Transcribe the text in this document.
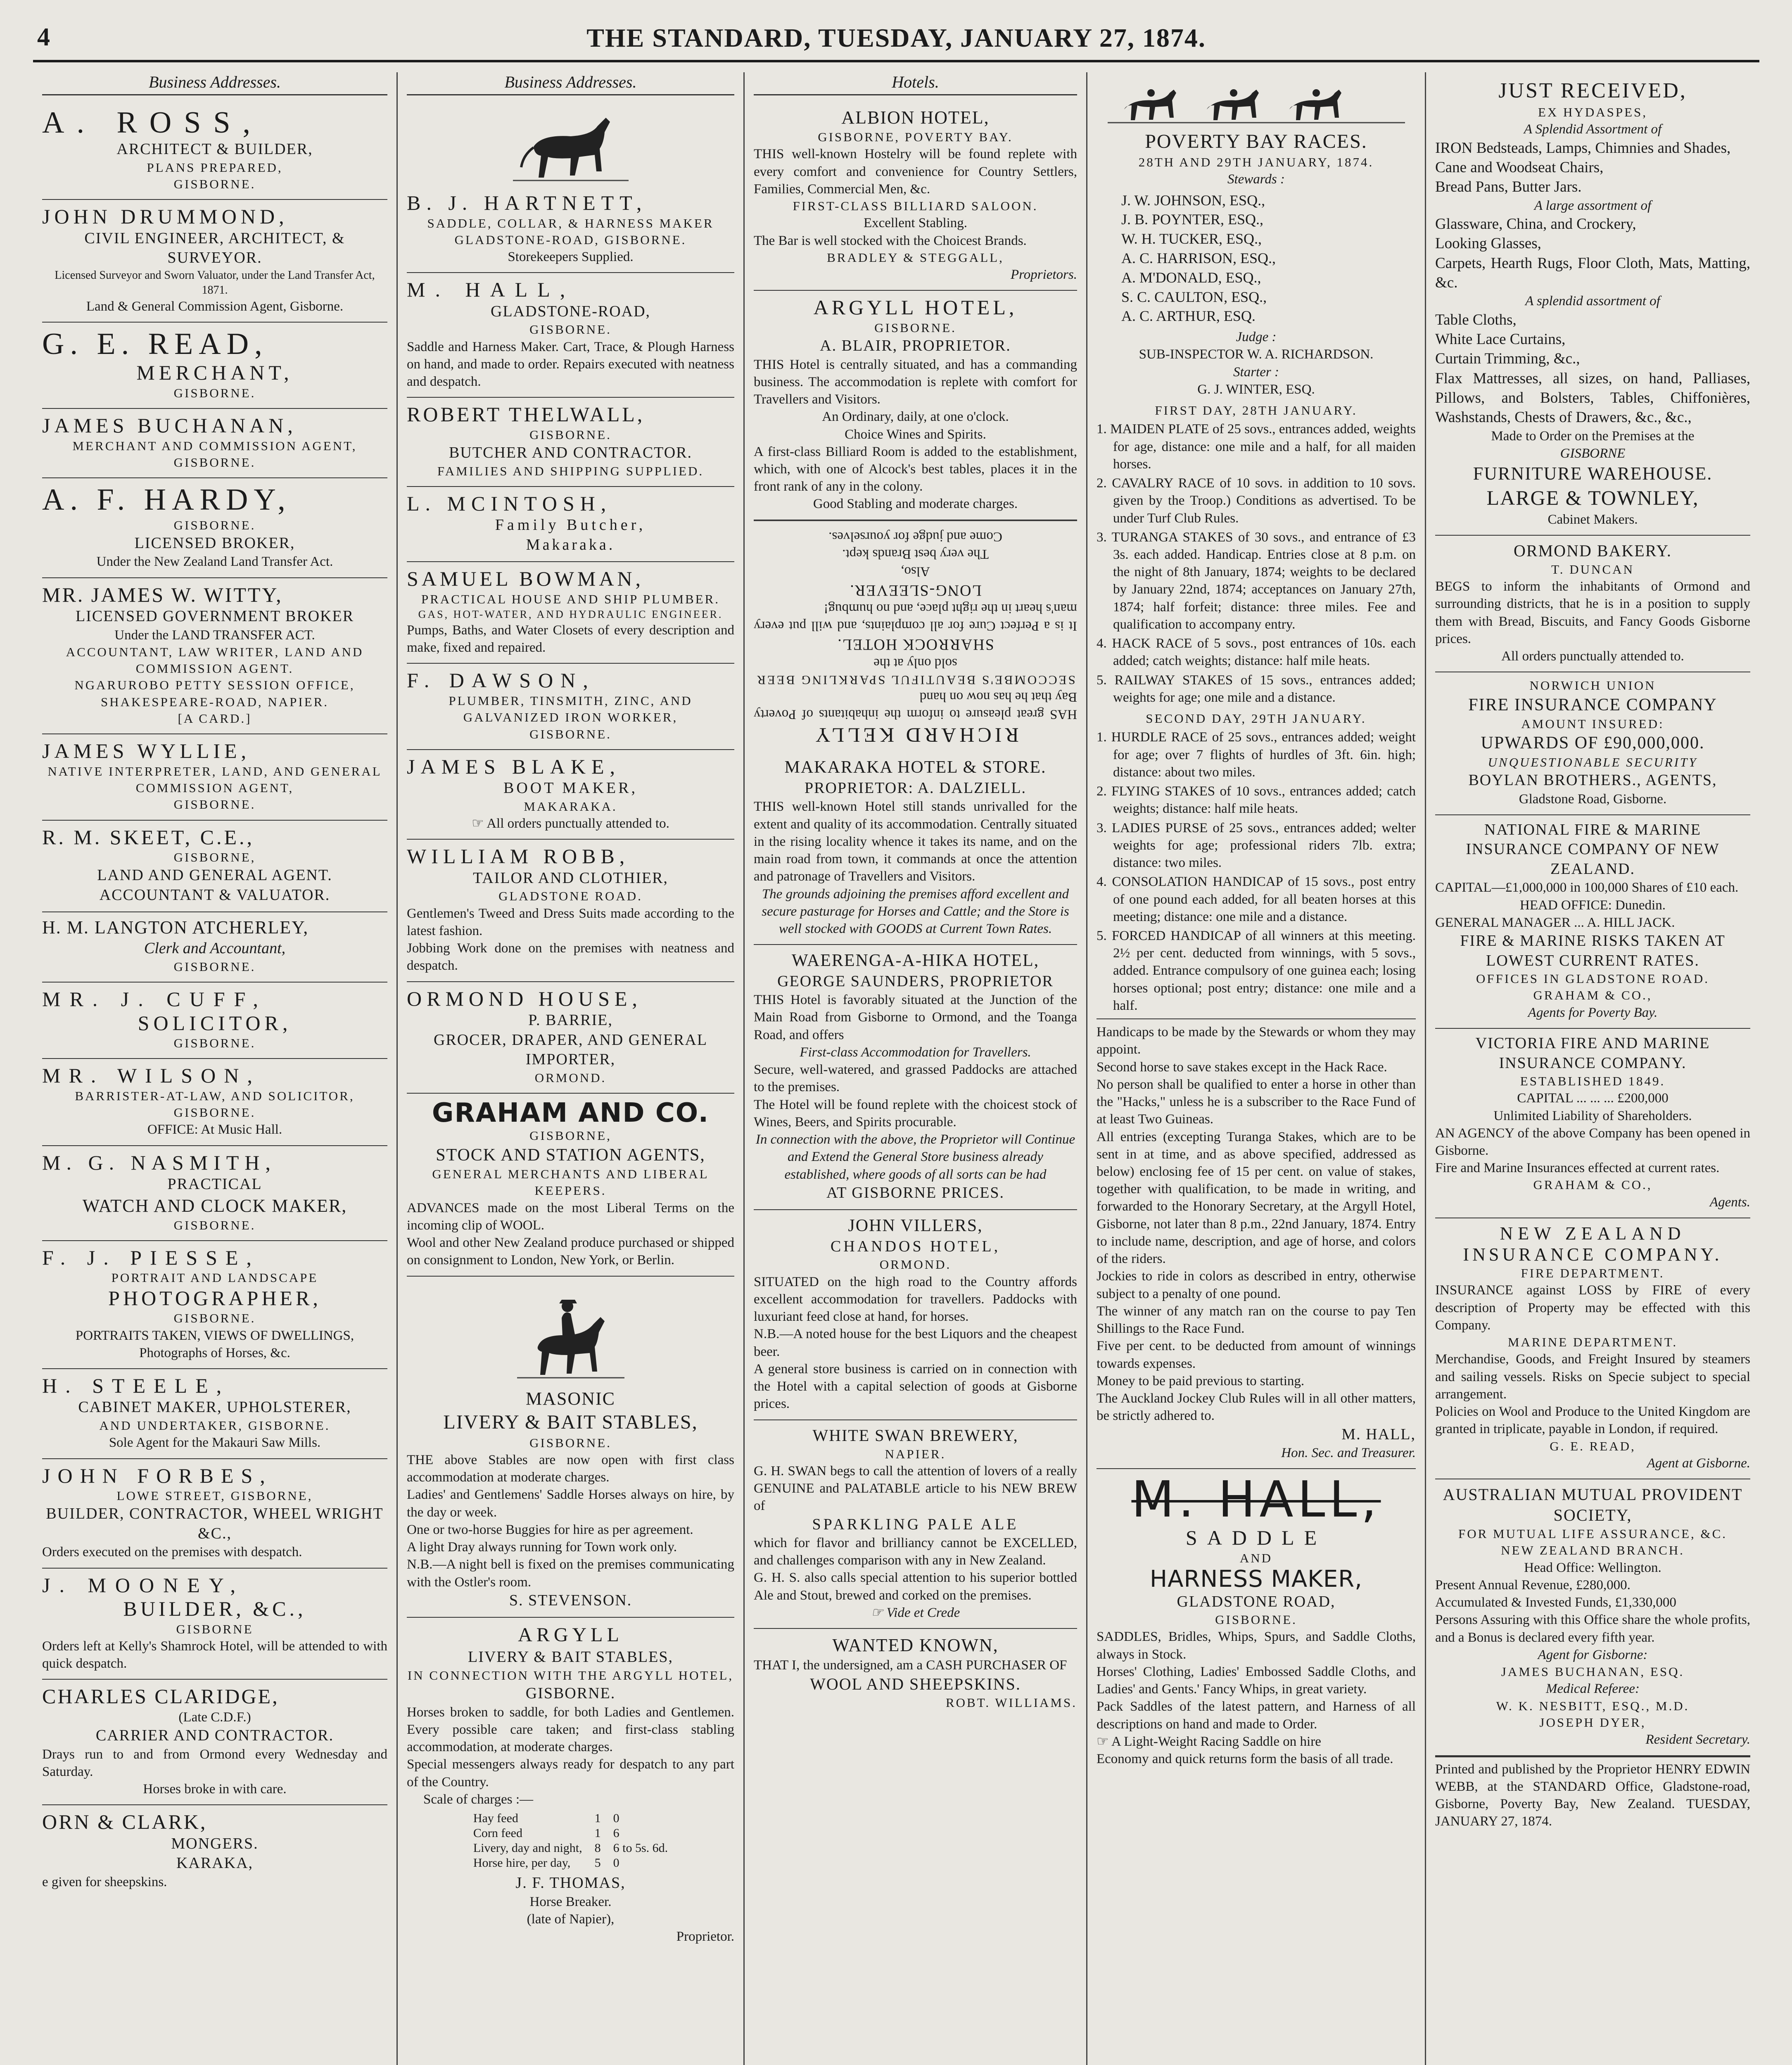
4	THE STANDARD, TUESDAY, JANUARY 27, 1874.
Business Addresses.
A. ROSS,
ARCHITECT & BUILDER,
PLANS PREPARED,
GISBORNE.
JOHN DRUMMOND,
CIVIL ENGINEER, ARCHITECT, & SURVEYOR.
Licensed Surveyor and Sworn Valuator, under the Land Transfer Act, 1871.
Land & General Commission Agent, Gisborne.
G. E. READ,
MERCHANT,
GISBORNE.
JAMES BUCHANAN,
MERCHANT AND COMMISSION AGENT,
GISBORNE.
A. F. HARDY,
GISBORNE.
LICENSED BROKER,
Under the New Zealand Land Transfer Act.
MR. JAMES W. WITTY,
LICENSED GOVERNMENT BROKER
Under the LAND TRANSFER ACT.
ACCOUNTANT, LAW WRITER, LAND AND COMMISSION AGENT.
NGARUROBO PETTY SESSION OFFICE,
SHAKESPEARE-ROAD, NAPIER.
[A CARD.]
JAMES WYLLIE,
NATIVE INTERPRETER, LAND, AND GENERAL COMMISSION AGENT,
GISBORNE.
R. M. SKEET, C.E.,
GISBORNE,
LAND AND GENERAL AGENT.
ACCOUNTANT & VALUATOR.
H. M. LANGTON ATCHERLEY,
Clerk and Accountant,
GISBORNE.
MR. J. CUFF,
SOLICITOR,
GISBORNE.
MR. WILSON,
BARRISTER-AT-LAW, AND SOLICITOR,
GISBORNE.
OFFICE: At Music Hall.
M. G. NASMITH,
PRACTICAL
WATCH AND CLOCK MAKER,
GISBORNE.
F. J. PIESSE,
PORTRAIT AND LANDSCAPE
PHOTOGRAPHER,
GISBORNE.
PORTRAITS TAKEN, VIEWS OF DWELLINGS, Photographs of Horses, &c.
H. STEELE,
CABINET MAKER, UPHOLSTERER,
AND UNDERTAKER, GISBORNE.
Sole Agent for the Makauri Saw Mills.
JOHN FORBES,
LOWE STREET, GISBORNE,
BUILDER, CONTRACTOR, WHEEL WRIGHT &C.,
Orders executed on the premises with despatch.
J. MOONEY,
BUILDER, &C.,
GISBORNE
Orders left at Kelly's Shamrock Hotel, will be attended to with quick despatch.
CHARLES CLARIDGE,
(Late C.D.F.)
CARRIER AND CONTRACTOR.
Drays run to and from Ormond every Wednesday and Saturday.
Horses broke in with care.
ORN & CLARK,
MONGERS.
KARAKA,
e given for sheepskins.
Business Addresses.
B. J. HARTNETT,
SADDLE, COLLAR, & HARNESS MAKER
GLADSTONE-ROAD, GISBORNE.
Storekeepers Supplied.
M. HALL,
GLADSTONE-ROAD,
GISBORNE.
Saddle and Harness Maker. Cart, Trace, & Plough Harness on hand, and made to order. Repairs executed with neatness and despatch.
ROBERT THELWALL,
GISBORNE.
BUTCHER AND CONTRACTOR.
FAMILIES AND SHIPPING SUPPLIED.
L. MCINTOSH,
Family Butcher,
Makaraka.
SAMUEL BOWMAN,
PRACTICAL HOUSE AND SHIP PLUMBER.
GAS, HOT-WATER, AND HYDRAULIC ENGINEER.
Pumps, Baths, and Water Closets of every description and make, fixed and repaired.
F. DAWSON,
PLUMBER, TINSMITH, ZINC, AND GALVANIZED IRON WORKER,
GISBORNE.
JAMES BLAKE,
BOOT MAKER,
MAKARAKA.
☞ All orders punctually attended to.
WILLIAM ROBB,
TAILOR AND CLOTHIER,
GLADSTONE ROAD.
Gentlemen's Tweed and Dress Suits made according to the latest fashion.
Jobbing Work done on the premises with neatness and despatch.
ORMOND HOUSE,
P. BARRIE,
GROCER, DRAPER, AND GENERAL IMPORTER,
ORMOND.
GRAHAM AND CO.
GISBORNE,
STOCK AND STATION AGENTS,
GENERAL MERCHANTS AND LIBERAL KEEPERS.
ADVANCES made on the most Liberal Terms on the incoming clip of WOOL.
Wool and other New Zealand produce purchased or shipped on consignment to London, New York, or Berlin.
MASONIC
LIVERY & BAIT STABLES,
GISBORNE.
THE above Stables are now open with first class accommodation at moderate charges.
Ladies' and Gentlemens' Saddle Horses always on hire, by the day or week.
One or two-horse Buggies for hire as per agreement.
A light Dray always running for Town work only.
N.B.—A night bell is fixed on the premises communicating with the Ostler's room.
S. STEVENSON.
ARGYLL
LIVERY & BAIT STABLES,
IN CONNECTION WITH THE ARGYLL HOTEL,
GISBORNE.
Horses broken to saddle, for both Ladies and Gentlemen. Every possible care taken; and first-class stabling accommodation, at moderate charges.
Special messengers always ready for despatch to any part of the Country.
Scale of charges :—
Hay feed	1	0
Corn feed	1	6
Livery, day and night,	8	6 to 5s. 6d.
Horse hire, per day,	5	0
J. F. THOMAS,
Horse Breaker.
(late of Napier),
Proprietor.
Hotels.
ALBION HOTEL,
GISBORNE, POVERTY BAY.
THIS well-known Hostelry will be found replete with every comfort and convenience for Country Settlers, Families, Commercial Men, &c.
FIRST-CLASS BILLIARD SALOON.
Excellent Stabling.
The Bar is well stocked with the Choicest Brands.
BRADLEY & STEGGALL,
Proprietors.
ARGYLL HOTEL,
GISBORNE.
A. BLAIR, PROPRIETOR.
THIS Hotel is centrally situated, and has a commanding business. The accommodation is replete with comfort for Travellers and Visitors.
An Ordinary, daily, at one o'clock.
Choice Wines and Spirits.
A first-class Billiard Room is added to the establishment, which, with one of Alcock's best tables, places it in the front rank of any in the colony.
Good Stabling and moderate charges.
RICHARD KELLY
HAS great pleasure to inform the inhabitants of Poverty Bay that he has now on hand
SECCOMBE'S BEAUTIFUL SPARKLING BEER
sold only at the
SHARROCK HOTEL.
It is a Perfect Cure for all complaints, and will put every man's heart in the right place, and no humbug!
LONG-SLEEVER.
Also,
The very best Brands kept.
Come and judge for yourselves.
MAKARAKA HOTEL & STORE.
PROPRIETOR: A. DALZIELL.
THIS well-known Hotel still stands unrivalled for the extent and quality of its accommodation. Centrally situated in the rising locality whence it takes its name, and on the main road from town, it commands at once the attention and patronage of Travellers and Visitors.
The grounds adjoining the premises afford excellent and secure pasturage for Horses and Cattle; and the Store is well stocked with GOODS at Current Town Rates.
WAERENGA-A-HIKA HOTEL,
GEORGE SAUNDERS, PROPRIETOR
THIS Hotel is favorably situated at the Junction of the Main Road from Gisborne to Ormond, and the Toanga Road, and offers
First-class Accommodation for Travellers.
Secure, well-watered, and grassed Paddocks are attached to the premises.
The Hotel will be found replete with the choicest stock of Wines, Beers, and Spirits procurable.
In connection with the above, the Proprietor will Continue and Extend the General Store business already established, where goods of all sorts can be had
AT GISBORNE PRICES.
JOHN VILLERS,
CHANDOS HOTEL,
ORMOND.
SITUATED on the high road to the Country affords excellent accommodation for travellers. Paddocks with luxuriant feed close at hand, for horses.
N.B.—A noted house for the best Liquors and the cheapest beer.
A general store business is carried on in connection with the Hotel with a capital selection of goods at Gisborne prices.
WHITE SWAN BREWERY,
NAPIER.
G. H. SWAN begs to call the attention of lovers of a really GENUINE and PALATABLE article to his NEW BREW of
SPARKLING PALE ALE
which for flavor and brilliancy cannot be EXCELLED, and challenges comparison with any in New Zealand.
G. H. S. also calls special attention to his superior bottled Ale and Stout, brewed and corked on the premises.
☞ Vide et Crede
WANTED KNOWN,
THAT I, the undersigned, am a CASH PURCHASER OF
WOOL AND SHEEPSKINS.
ROBT. WILLIAMS.
POVERTY BAY RACES.
28TH AND 29TH JANUARY, 1874.
Stewards :
J. W. JOHNSON, ESQ.,
J. B. POYNTER, ESQ.,
W. H. TUCKER, ESQ.,
A. C. HARRISON, ESQ.,
A. M'DONALD, ESQ.,
S. C. CAULTON, ESQ.,
A. C. ARTHUR, ESQ.
Judge :
SUB-INSPECTOR W. A. RICHARDSON.
Starter :
G. J. WINTER, ESQ.
FIRST DAY, 28TH JANUARY.
1. MAIDEN PLATE of 25 sovs., entrances added, weights for age, distance: one mile and a half, for all maiden horses.
2. CAVALRY RACE of 10 sovs. in addition to 10 sovs. given by the Troop.) Conditions as advertised. To be under Turf Club Rules.
3. TURANGA STAKES of 30 sovs., and entrance of £3 3s. each added. Handicap. Entries close at 8 p.m. on the night of 8th January, 1874; weights to be declared by January 22nd, 1874; acceptances on January 27th, 1874; half forfeit; distance: three miles. Fee and qualification to accompany entry.
4. HACK RACE of 5 sovs., post entrances of 10s. each added; catch weights; distance: half mile heats.
5. RAILWAY STAKES of 15 sovs., entrances added; weights for age; one mile and a distance.
SECOND DAY, 29TH JANUARY.
1. HURDLE RACE of 25 sovs., entrances added; weight for age; over 7 flights of hurdles of 3ft. 6in. high; distance: about two miles.
2. FLYING STAKES of 10 sovs., entrances added; catch weights; distance: half mile heats.
3. LADIES PURSE of 25 sovs., entrances added; welter weights for age; professional riders 7lb. extra; distance: two miles.
4. CONSOLATION HANDICAP of 15 sovs., post entry of one pound each added, for all beaten horses at this meeting; distance: one mile and a distance.
5. FORCED HANDICAP of all winners at this meeting. 2½ per cent. deducted from winnings, with 5 sovs., added. Entrance compulsory of one guinea each; losing horses optional; post entry; distance: one mile and a half.
Handicaps to be made by the Stewards or whom they may appoint.
Second horse to save stakes except in the Hack Race.
No person shall be qualified to enter a horse in other than the "Hacks," unless he is a subscriber to the Race Fund of at least Two Guineas.
All entries (excepting Turanga Stakes, which are to be sent in at time, and as above specified, addressed as below) enclosing fee of 15 per cent. on value of stakes, together with qualification, to be made in writing, and forwarded to the Honorary Secretary, at the Argyll Hotel, Gisborne, not later than 8 p.m., 22nd January, 1874. Entry to include name, description, and age of horse, and colors of the riders.
Jockies to ride in colors as described in entry, otherwise subject to a penalty of one pound.
The winner of any match ran on the course to pay Ten Shillings to the Race Fund.
Five per cent. to be deducted from amount of winnings towards expenses.
Money to be paid previous to starting.
The Auckland Jockey Club Rules will in all other matters, be strictly adhered to.
M. HALL,
Hon. Sec. and Treasurer.
M. HALL,
SADDLE
AND
HARNESS MAKER,
GLADSTONE ROAD,
GISBORNE.
SADDLES, Bridles, Whips, Spurs, and Saddle Cloths, always in Stock.
Horses' Clothing, Ladies' Embossed Saddle Cloths, and Ladies' and Gents.' Fancy Whips, in great variety.
Pack Saddles of the latest pattern, and Harness of all descriptions on hand and made to Order.
☞ A Light-Weight Racing Saddle on hire
Economy and quick returns form the basis of all trade.
JUST RECEIVED,
EX HYDASPES,
A Splendid Assortment of
IRON Bedsteads, Lamps, Chimnies and Shades,
Cane and Woodseat Chairs,
Bread Pans, Butter Jars.
A large assortment of
Glassware, China, and Crockery,
Looking Glasses,
Carpets, Hearth Rugs, Floor Cloth, Mats, Matting, &c.
A splendid assortment of
Table Cloths,
White Lace Curtains,
Curtain Trimming, &c.,
Flax Mattresses, all sizes, on hand, Palliases, Pillows, and Bolsters, Tables, Chiffonières, Washstands, Chests of Drawers, &c., &c.,
Made to Order on the Premises at the
GISBORNE
FURNITURE WAREHOUSE.
LARGE & TOWNLEY,
Cabinet Makers.
ORMOND BAKERY.
T. DUNCAN
BEGS to inform the inhabitants of Ormond and surrounding districts, that he is in a position to supply them with Bread, Biscuits, and Fancy Goods Gisborne prices.
All orders punctually attended to.
NORWICH UNION
FIRE INSURANCE COMPANY
AMOUNT INSURED:
UPWARDS OF £90,000,000.
UNQUESTIONABLE SECURITY
BOYLAN BROTHERS., AGENTS,
Gladstone Road, Gisborne.
NATIONAL FIRE & MARINE INSURANCE COMPANY OF NEW ZEALAND.
CAPITAL—£1,000,000 in 100,000 Shares of £10 each.
HEAD OFFICE: Dunedin.
GENERAL MANAGER ... A. HILL JACK.
FIRE & MARINE RISKS TAKEN AT LOWEST CURRENT RATES.
OFFICES IN GLADSTONE ROAD.
GRAHAM & CO.,
Agents for Poverty Bay.
VICTORIA FIRE AND MARINE INSURANCE COMPANY.
ESTABLISHED 1849.
CAPITAL ... ... ... £200,000
Unlimited Liability of Shareholders.
AN AGENCY of the above Company has been opened in Gisborne.
Fire and Marine Insurances effected at current rates.
GRAHAM & CO.,
Agents.
NEW ZEALAND
INSURANCE COMPANY.
FIRE DEPARTMENT.
INSURANCE against LOSS by FIRE of every description of Property may be effected with this Company.
MARINE DEPARTMENT.
Merchandise, Goods, and Freight Insured by steamers and sailing vessels. Risks on Specie subject to special arrangement.
Policies on Wool and Produce to the United Kingdom are granted in triplicate, payable in London, if required.
G. E. READ,
Agent at Gisborne.
AUSTRALIAN MUTUAL PROVIDENT SOCIETY,
FOR MUTUAL LIFE ASSURANCE, &C.
NEW ZEALAND BRANCH.
Head Office: Wellington.
Present Annual Revenue, £280,000.
Accumulated & Invested Funds, £1,330,000
Persons Assuring with this Office share the whole profits, and a Bonus is declared every fifth year.
Agent for Gisborne:
JAMES BUCHANAN, ESQ.
Medical Referee:
W. K. NESBITT, ESQ., M.D.
JOSEPH DYER,
Resident Secretary.
Printed and published by the Proprietor HENRY EDWIN WEBB, at the STANDARD Office, Gladstone-road, Gisborne, Poverty Bay, New Zealand. TUESDAY, JANUARY 27, 1874.
